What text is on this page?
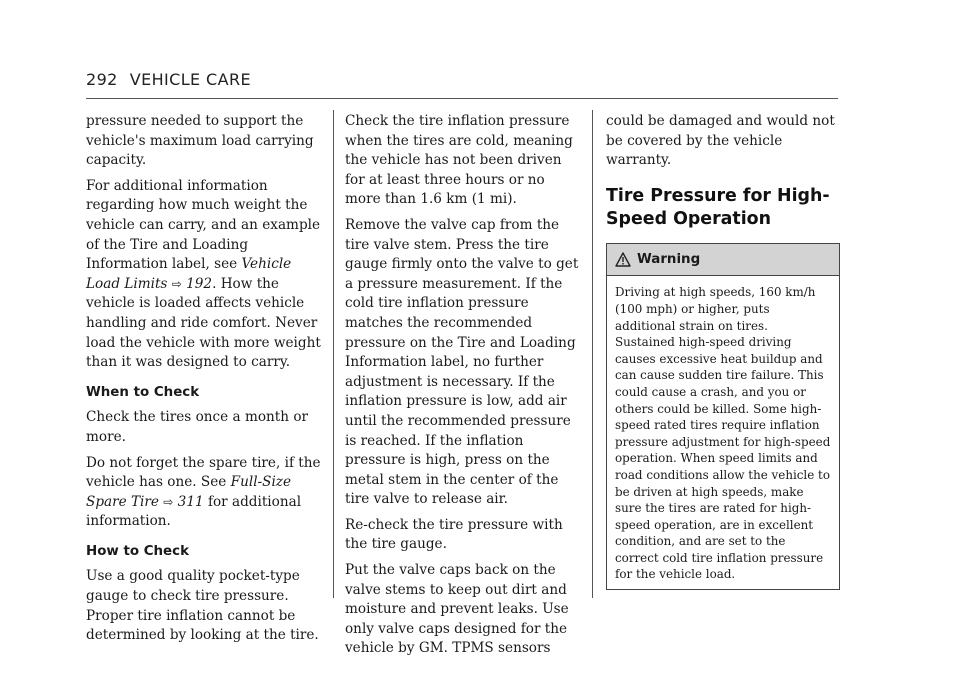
292 VEHICLE CARE

pressure needed to support the vehicle's maximum load carrying capacity.

For additional information regarding how much weight the vehicle can carry, and an example of the Tire and Loading Information label, see Vehicle Load Limits ⇨ 192. How the vehicle is loaded affects vehicle handling and ride comfort. Never load the vehicle with more weight than it was designed to carry.

When to Check

Check the tires once a month or more.

Do not forget the spare tire, if the vehicle has one. See Full-Size Spare Tire ⇨ 311 for additional information.

How to Check

Use a good quality pocket-type gauge to check tire pressure. Proper tire inflation cannot be determined by looking at the tire.

Check the tire inflation pressure when the tires are cold, meaning the vehicle has not been driven for at least three hours or no more than 1.6 km (1 mi).

Remove the valve cap from the tire valve stem. Press the tire gauge firmly onto the valve to get a pressure measurement. If the cold tire inflation pressure matches the recommended pressure on the Tire and Loading Information label, no further adjustment is necessary. If the inflation pressure is low, add air until the recommended pressure is reached. If the inflation pressure is high, press on the metal stem in the center of the tire valve to release air.

Re-check the tire pressure with the tire gauge.

Put the valve caps back on the valve stems to keep out dirt and moisture and prevent leaks. Use only valve caps designed for the vehicle by GM. TPMS sensors

could be damaged and would not be covered by the vehicle warranty.

Tire Pressure for High-Speed Operation
Warning
Driving at high speeds, 160 km/h (100 mph) or higher, puts additional strain on tires. Sustained high-speed driving causes excessive heat buildup and can cause sudden tire failure. This could cause a crash, and you or others could be killed. Some high-speed rated tires require inflation pressure adjustment for high-speed operation. When speed limits and road conditions allow the vehicle to be driven at high speeds, make sure the tires are rated for high-speed operation, are in excellent condition, and are set to the correct cold tire inflation pressure for the vehicle load.
